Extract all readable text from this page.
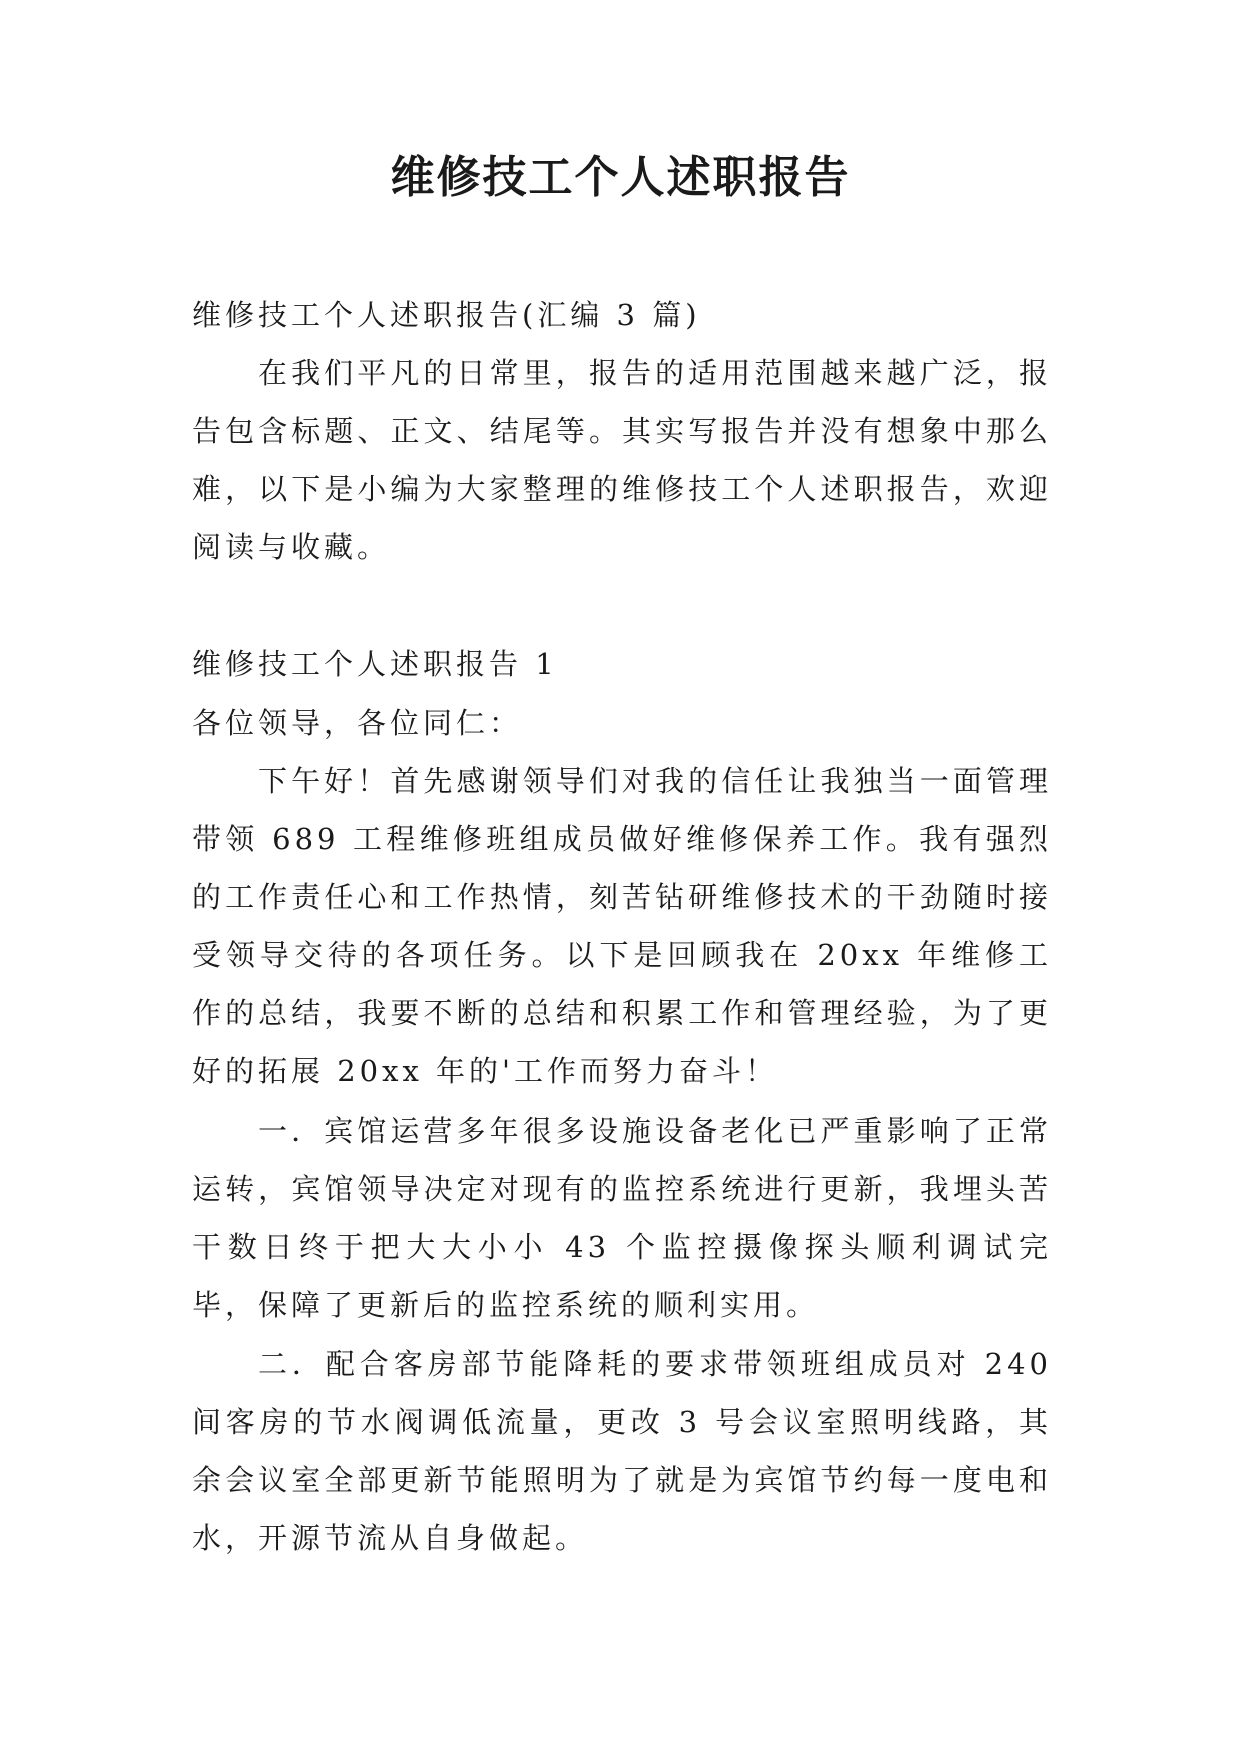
维修技工个人述职报告

维修技工个人述职报告(汇编 3 篇)

在我们平凡的日常里，报告的适用范围越来越广泛，报告包含标题、正文、结尾等。其实写报告并没有想象中那么难，以下是小编为大家整理的维修技工个人述职报告，欢迎阅读与收藏。

维修技工个人述职报告 1

各位领导，各位同仁：

下午好！首先感谢领导们对我的信任让我独当一面管理带领 689 工程维修班组成员做好维修保养工作。我有强烈的工作责任心和工作热情，刻苦钻研维修技术的干劲随时接受领导交待的各项任务。以下是回顾我在 20xx 年维修工作的总结，我要不断的总结和积累工作和管理经验，为了更好的拓展 20xx 年的'工作而努力奋斗！

一．宾馆运营多年很多设施设备老化已严重影响了正常运转，宾馆领导决定对现有的监控系统进行更新，我埋头苦干数日终于把大大小小 43 个监控摄像探头顺利调试完毕，保障了更新后的监控系统的顺利实用。

二．配合客房部节能降耗的要求带领班组成员对 240 间客房的节水阀调低流量，更改 3 号会议室照明线路，其余会议室全部更新节能照明为了就是为宾馆节约每一度电和水，开源节流从自身做起。
